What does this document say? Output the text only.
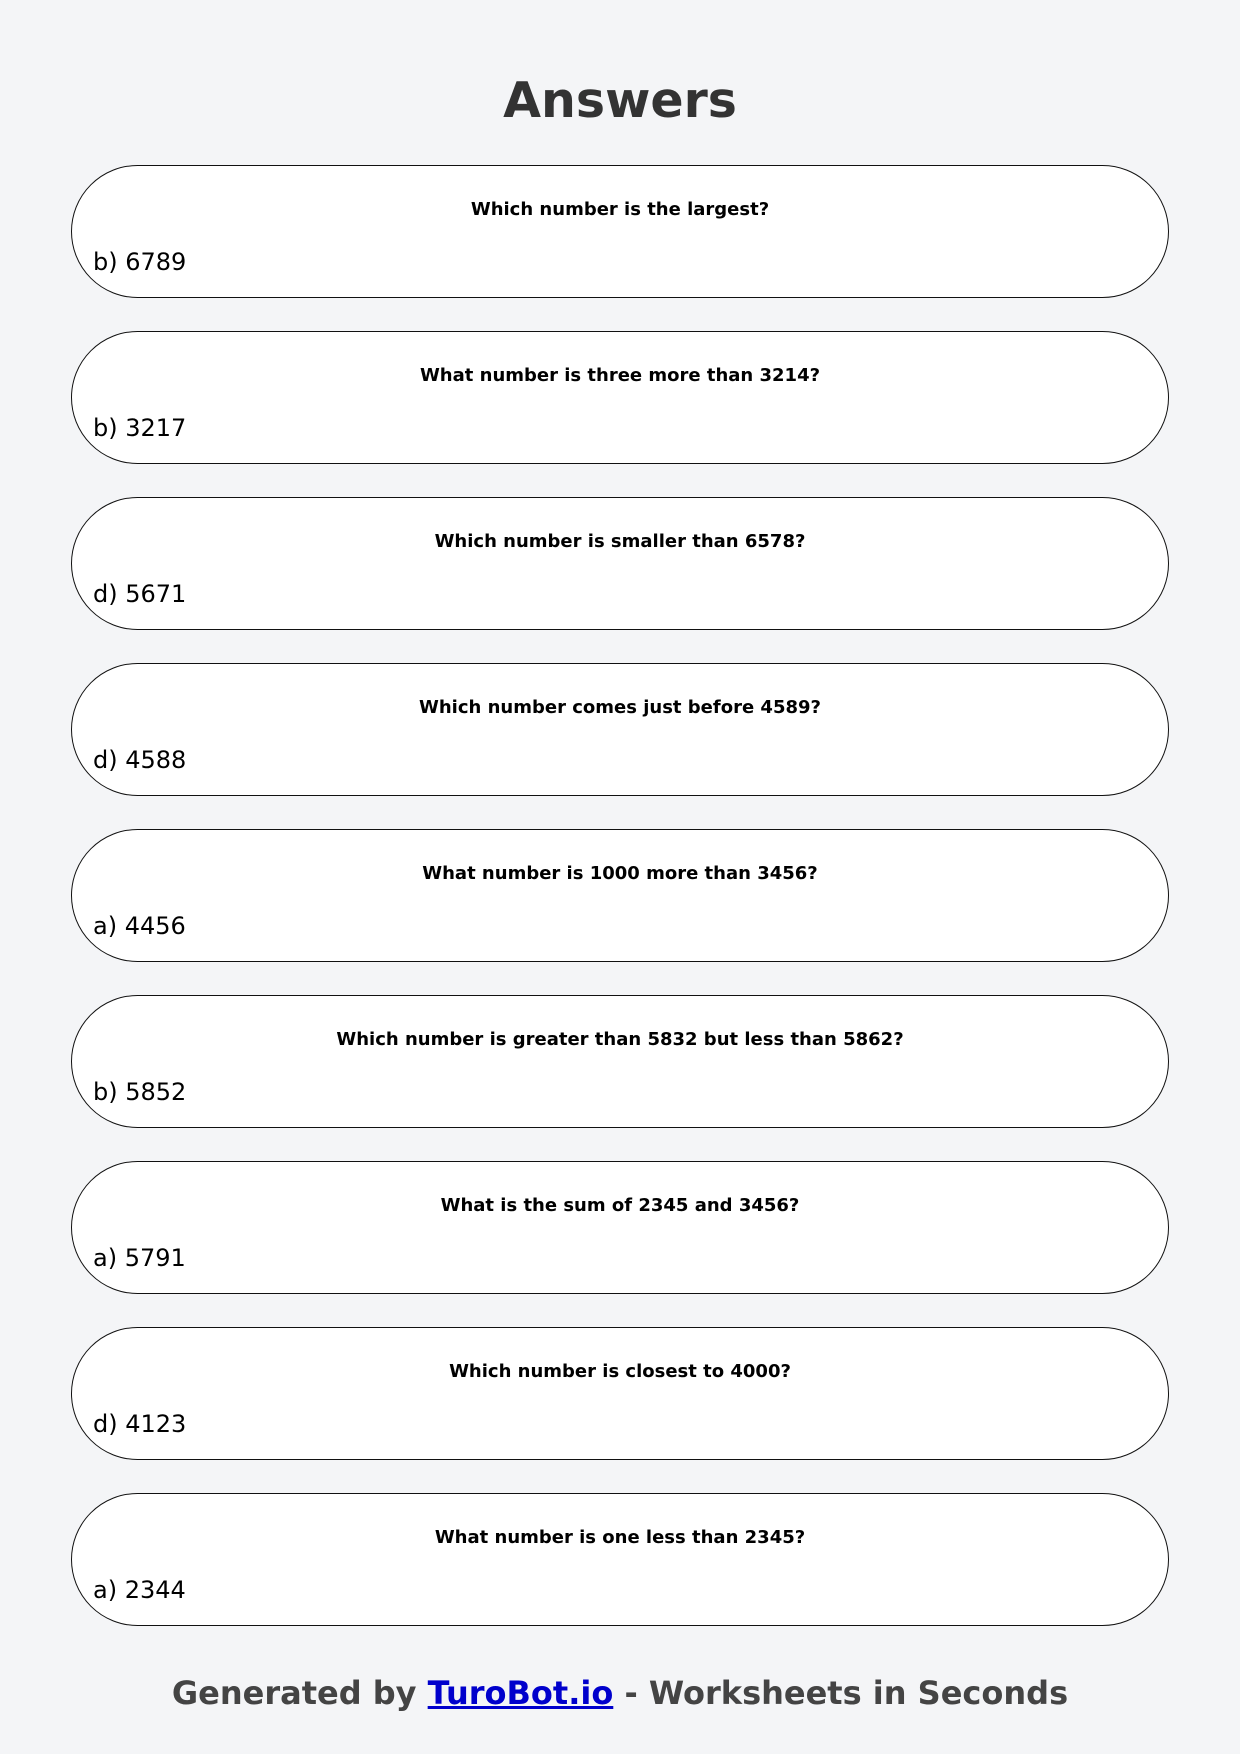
Answers
Which number is the largest?
b) 6789
What number is three more than 3214?
b) 3217
Which number is smaller than 6578?
d) 5671
Which number comes just before 4589?
d) 4588
What number is 1000 more than 3456?
a) 4456
Which number is greater than 5832 but less than 5862?
b) 5852
What is the sum of 2345 and 3456?
a) 5791
Which number is closest to 4000?
d) 4123
What number is one less than 2345?
a) 2344
Generated by TuroBot.io - Worksheets in Seconds
